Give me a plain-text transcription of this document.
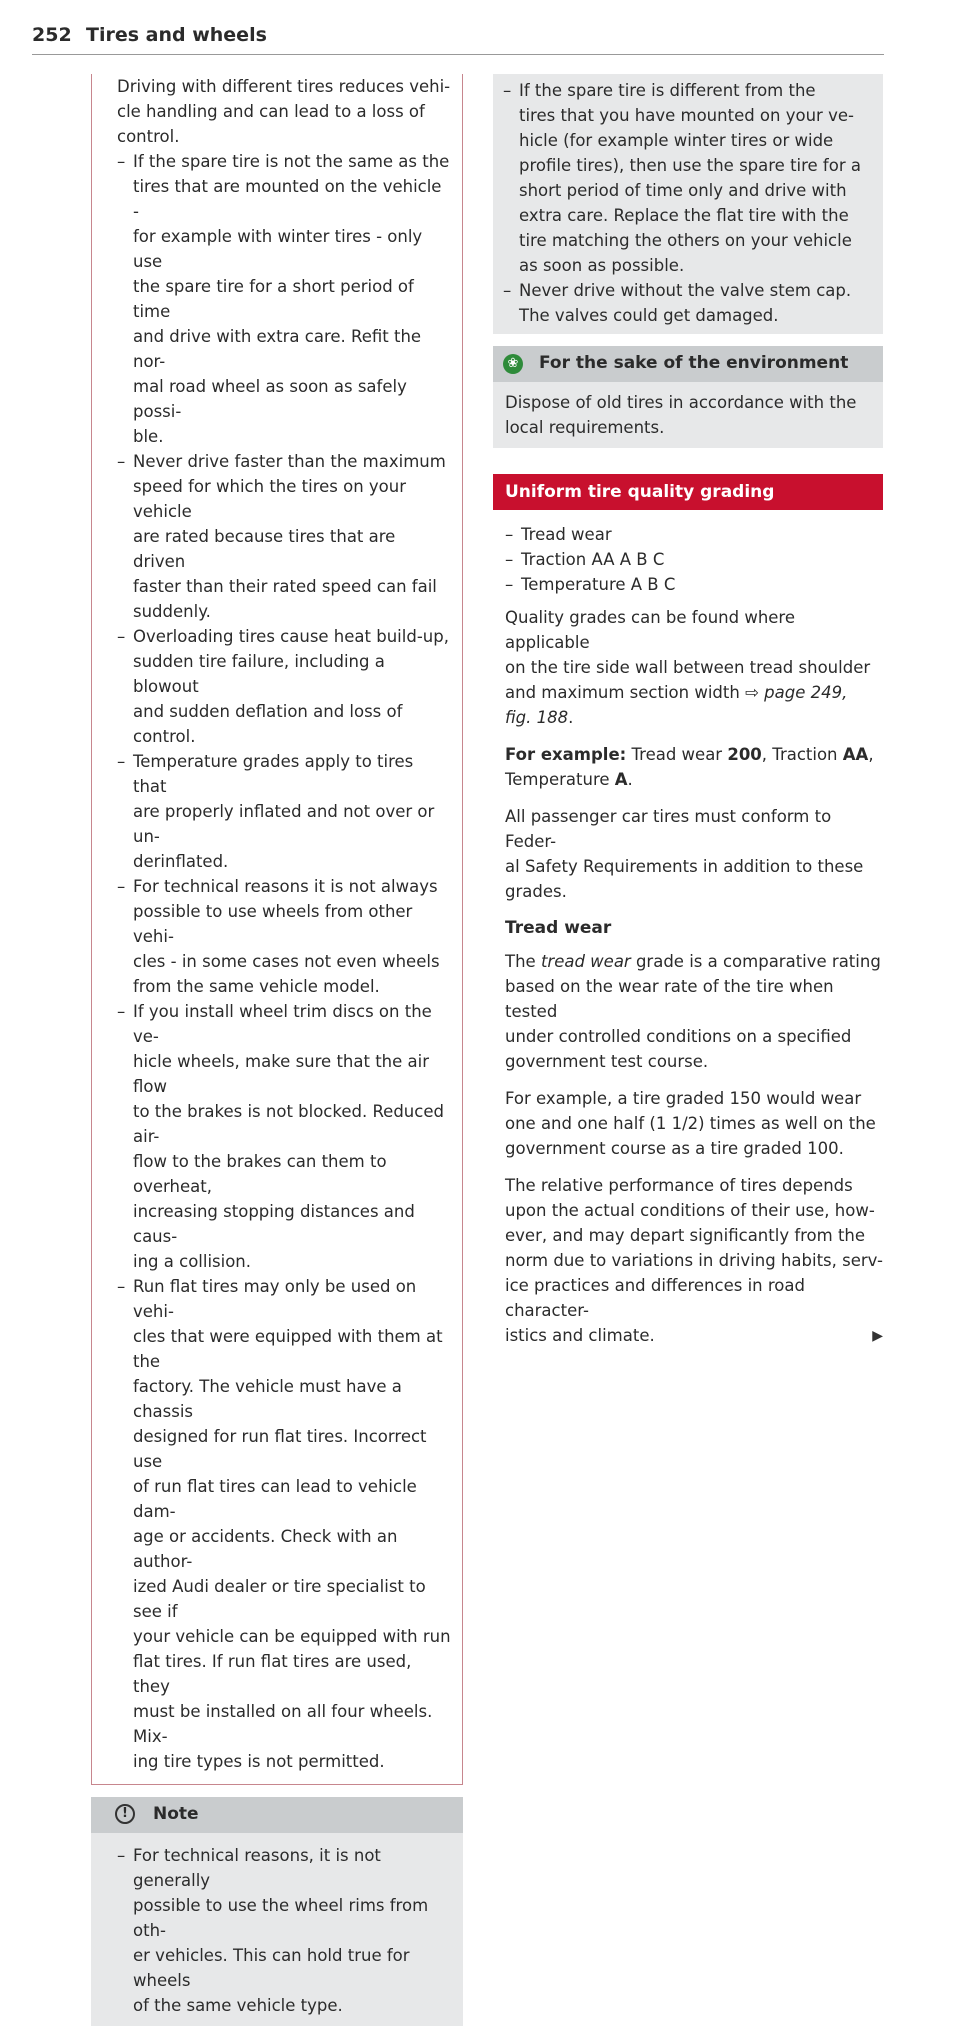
252 Tires and wheels
Driving with different tires reduces vehi-
cle handling and can lead to a loss of
control.
– If the spare tire is not the same as the
tires that are mounted on the vehicle -
for example with winter tires - only use
the spare tire for a short period of time
and drive with extra care. Refit the nor-
mal road wheel as soon as safely possi-
ble.
– Never drive faster than the maximum
speed for which the tires on your vehicle
are rated because tires that are driven
faster than their rated speed can fail
suddenly.
– Overloading tires cause heat build-up,
sudden tire failure, including a blowout
and sudden deflation and loss of control.
– Temperature grades apply to tires that
are properly inflated and not over or un-
derinflated.
– For technical reasons it is not always
possible to use wheels from other vehi-
cles - in some cases not even wheels
from the same vehicle model.
– If you install wheel trim discs on the ve-
hicle wheels, make sure that the air flow
to the brakes is not blocked. Reduced air-
flow to the brakes can them to overheat,
increasing stopping distances and caus-
ing a collision.
– Run flat tires may only be used on vehi-
cles that were equipped with them at the
factory. The vehicle must have a chassis
designed for run flat tires. Incorrect use
of run flat tires can lead to vehicle dam-
age or accidents. Check with an author-
ized Audi dealer or tire specialist to see if
your vehicle can be equipped with run
flat tires. If run flat tires are used, they
must be installed on all four wheels. Mix-
ing tire types is not permitted.
!	Note
– For technical reasons, it is not generally
possible to use the wheel rims from oth-
er vehicles. This can hold true for wheels
of the same vehicle type.
– If the spare tire is different from the
tires that you have mounted on your ve-
hicle (for example winter tires or wide
profile tires), then use the spare tire for a
short period of time only and drive with
extra care. Replace the flat tire with the
tire matching the others on your vehicle
as soon as possible.
– Never drive without the valve stem cap.
The valves could get damaged.
❀ For the sake of the environment
Dispose of old tires in accordance with the
local requirements.
Uniform tire quality grading
– Tread wear
– Traction AA A B C
– Temperature A B C
Quality grades can be found where applicable
on the tire side wall between tread shoulder
and maximum section width ⇨ page 249,
fig. 188.
For example: Tread wear 200, Traction AA,
Temperature A.
All passenger car tires must conform to Feder-
al Safety Requirements in addition to these
grades.
Tread wear
The tread wear grade is a comparative rating
based on the wear rate of the tire when tested
under controlled conditions on a specified
government test course.
For example, a tire graded 150 would wear
one and one half (1 1/2) times as well on the
government course as a tire graded 100.
The relative performance of tires depends
upon the actual conditions of their use, how-
ever, and may depart significantly from the
norm due to variations in driving habits, serv-
ice practices and differences in road character-
istics and climate.	▶
